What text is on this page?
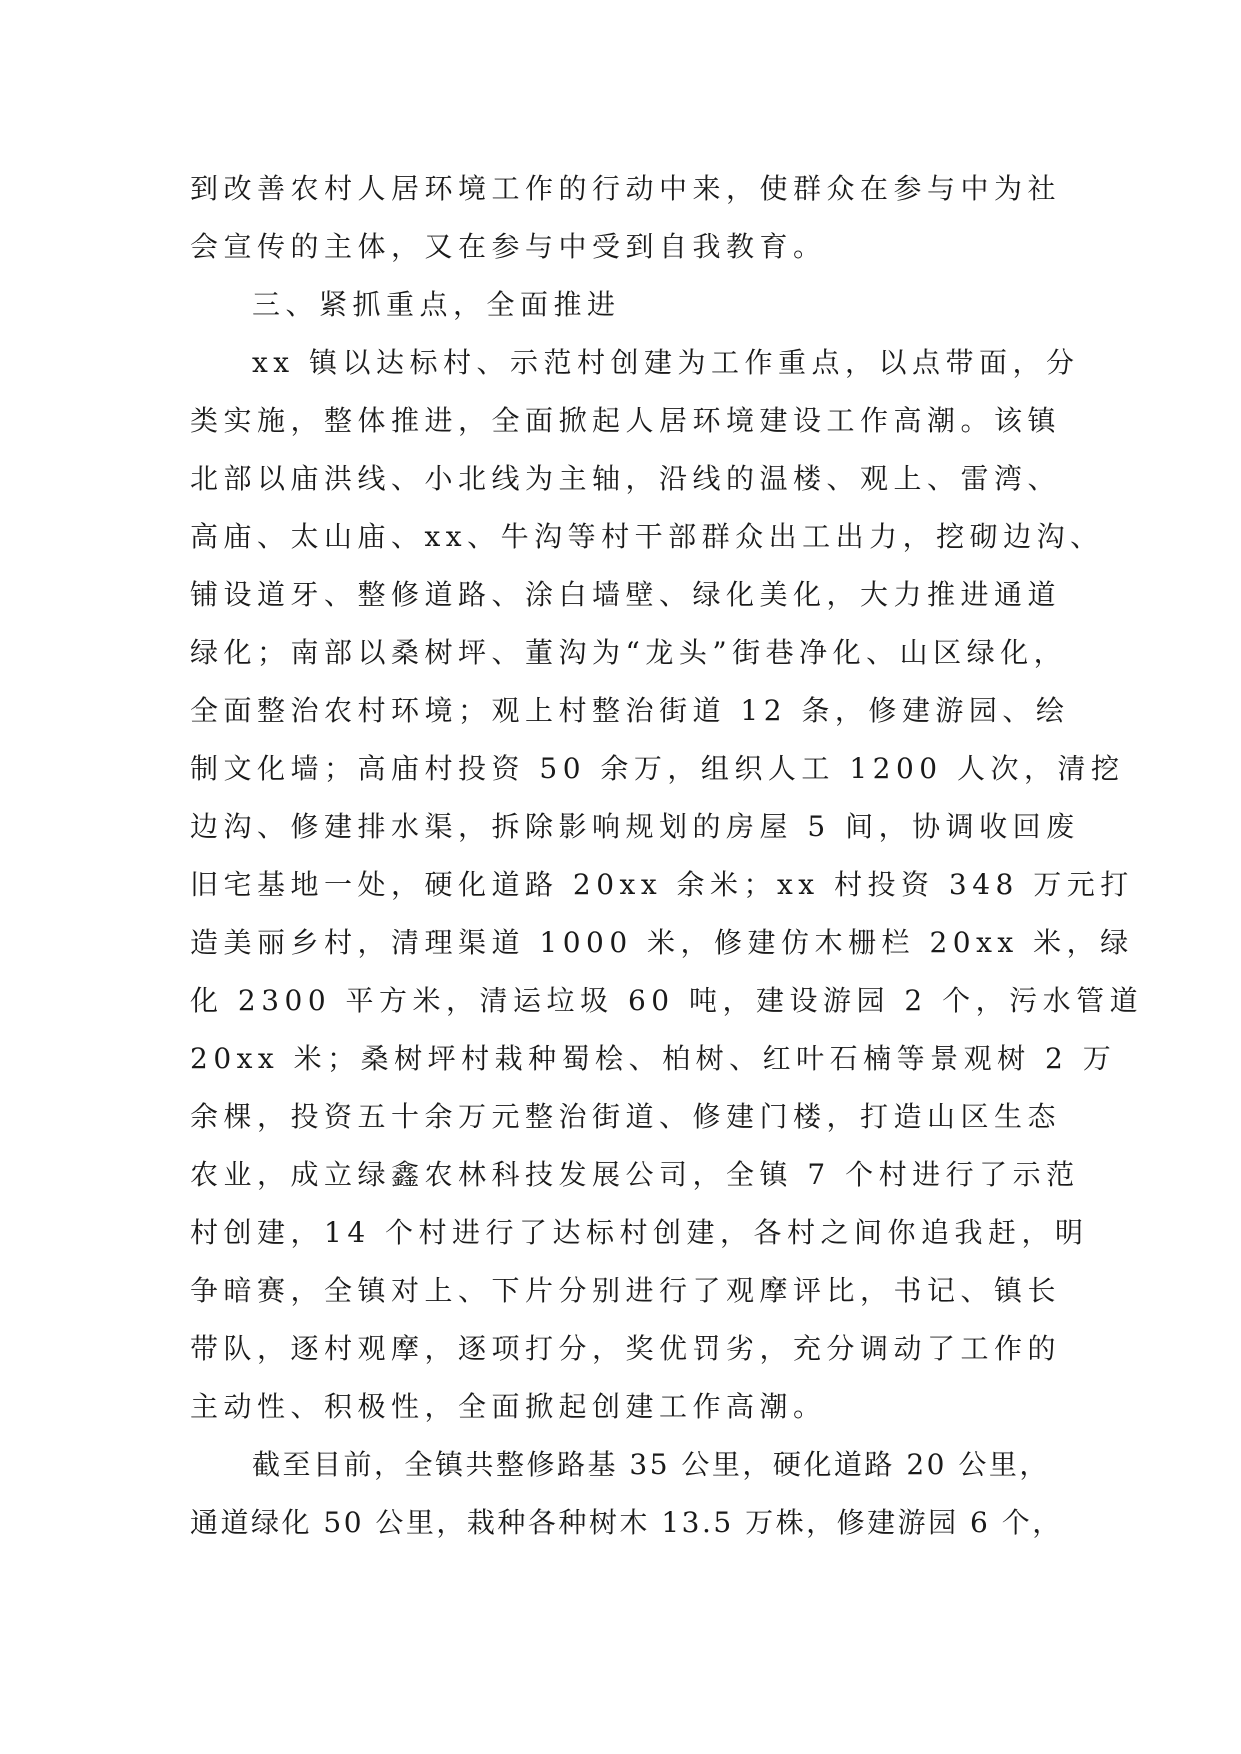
到改善农村人居环境工作的行动中来，使群众在参与中为社
会宣传的主体，又在参与中受到自我教育。
三、紧抓重点，全面推进
xx 镇以达标村、示范村创建为工作重点，以点带面，分
类实施，整体推进，全面掀起人居环境建设工作高潮。该镇
北部以庙洪线、小北线为主轴，沿线的温楼、观上、雷湾、
高庙、太山庙、xx、牛沟等村干部群众出工出力，挖砌边沟、
铺设道牙、整修道路、涂白墙壁、绿化美化，大力推进通道
绿化；南部以桑树坪、董沟为“龙头”街巷净化、山区绿化，
全面整治农村环境；观上村整治街道 12 条，修建游园、绘
制文化墙；高庙村投资 50 余万，组织人工 1200 人次，清挖
边沟、修建排水渠，拆除影响规划的房屋 5 间，协调收回废
旧宅基地一处，硬化道路 20xx 余米；xx 村投资 348 万元打
造美丽乡村，清理渠道 1000 米，修建仿木栅栏 20xx 米，绿
化 2300 平方米，清运垃圾 60 吨，建设游园 2 个，污水管道
20xx 米；桑树坪村栽种蜀桧、柏树、红叶石楠等景观树 2 万
余棵，投资五十余万元整治街道、修建门楼，打造山区生态
农业，成立绿鑫农林科技发展公司，全镇 7 个村进行了示范
村创建，14 个村进行了达标村创建，各村之间你追我赶，明
争暗赛，全镇对上、下片分别进行了观摩评比，书记、镇长
带队，逐村观摩，逐项打分，奖优罚劣，充分调动了工作的
主动性、积极性，全面掀起创建工作高潮。
截至目前，全镇共整修路基 35 公里，硬化道路 20 公里，
通道绿化 50 公里，栽种各种树木 13.5 万株，修建游园 6 个，
